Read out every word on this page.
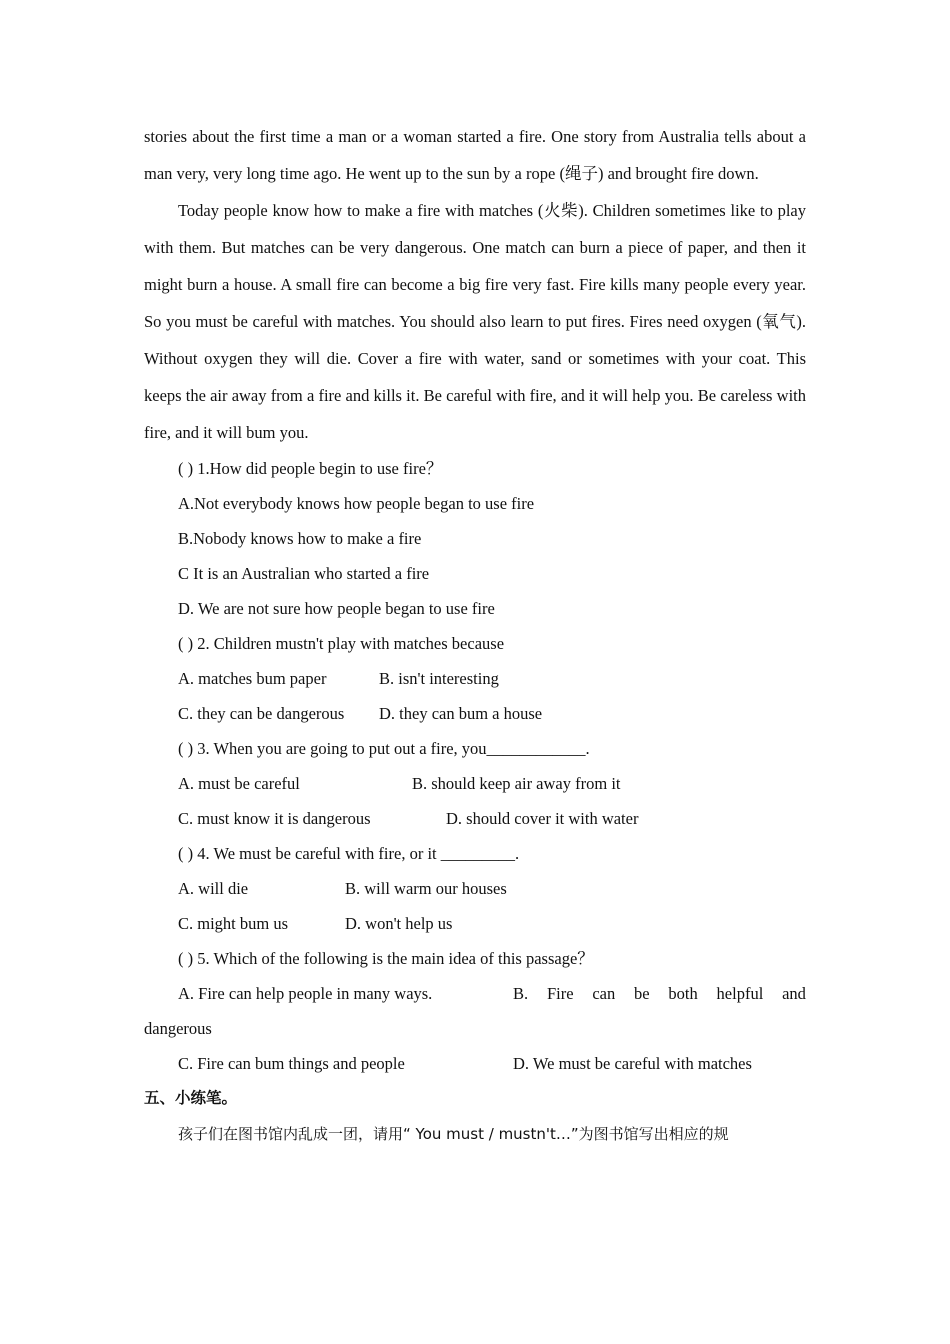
stories about the first time a man or a woman started a fire. One story from Australia tells about a man very, very long time ago. He went up to the sun by a rope (绳子) and brought fire down.

Today people know how to make a fire with matches (火柴). Children sometimes like to play with them. But matches can be very dangerous. One match can burn a piece of paper, and then it might burn a house. A small fire can become a big fire very fast. Fire kills many people every year. So you must be careful with matches. You should also learn to put fires. Fires need oxygen (氧气). Without oxygen they will die. Cover a fire with water, sand or sometimes with your coat. This keeps the air away from a fire and kills it. Be careful with fire, and it will help you. Be careless with fire, and it will bum you.

( ) 1.How did people begin to use fire？
A.Not everybody knows how people began to use fire
B.Nobody knows how to make a fire
C It is an Australian who started a fire
D. We are not sure how people began to use fire
( ) 2. Children mustn't play with matches because
A. matches bum paper	B. isn't interesting
C. they can be dangerous D. they can bum a house
( ) 3. When you are going to put out a fire, you____________.
A. must be careful	B. should keep air away from it
C. must know it is dangerous	D. should cover it with water
( ) 4. We must be careful with fire, or it _________.
A. will die	B. will warm our houses
C. might bum us	D. won't help us
( ) 5. Which of the following is the main idea of this passage？
A. Fire can help people in many ways.	B. Fire can be both helpful and
dangerous
C. Fire can bum things and people	D. We must be careful with matches
五、小练笔。
孩子们在图书馆内乱成一团，请用“ You must / mustn't…”为图书馆写出相应的规
